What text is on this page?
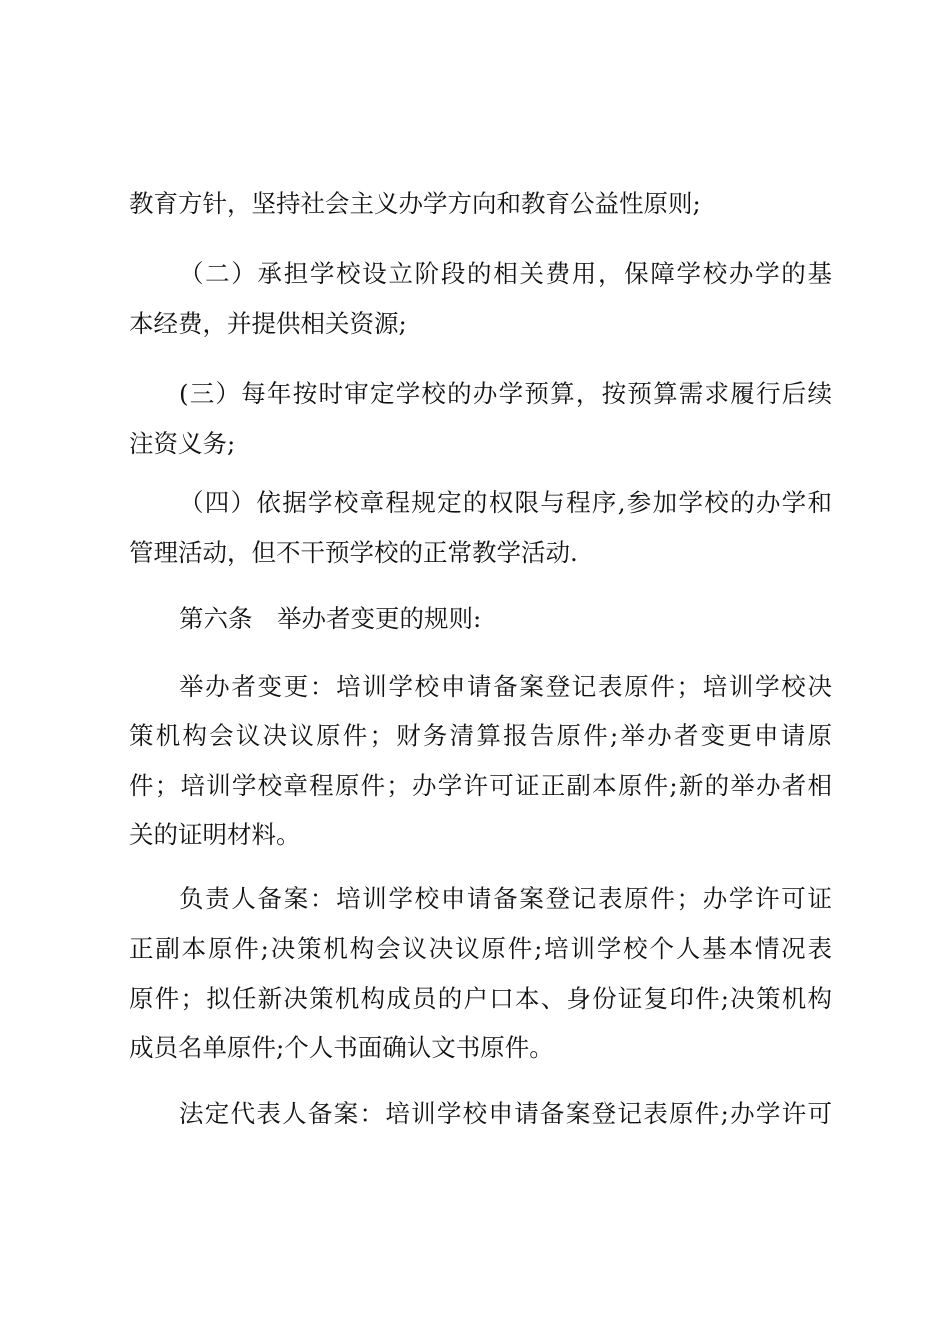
教育方针，坚持社会主义办学方向和教育公益性原则;
（二）承担学校设立阶段的相关费用，保障学校办学的基
本经费，并提供相关资源;
(三）每年按时审定学校的办学预算，按预算需求履行后续
注资义务;
（四）依据学校章程规定的权限与程序,参加学校的办学和
管理活动，但不干预学校的正常教学活动.
第六条　举办者变更的规则:
举办者变更：培训学校申请备案登记表原件；培训学校决
策机构会议决议原件；财务清算报告原件;举办者变更申请原
件；培训学校章程原件；办学许可证正副本原件;新的举办者相
关的证明材料。
负责人备案：培训学校申请备案登记表原件；办学许可证
正副本原件;决策机构会议决议原件;培训学校个人基本情况表
原件；拟任新决策机构成员的户口本、身份证复印件;决策机构
成员名单原件;个人书面确认文书原件。
法定代表人备案：培训学校申请备案登记表原件;办学许可
